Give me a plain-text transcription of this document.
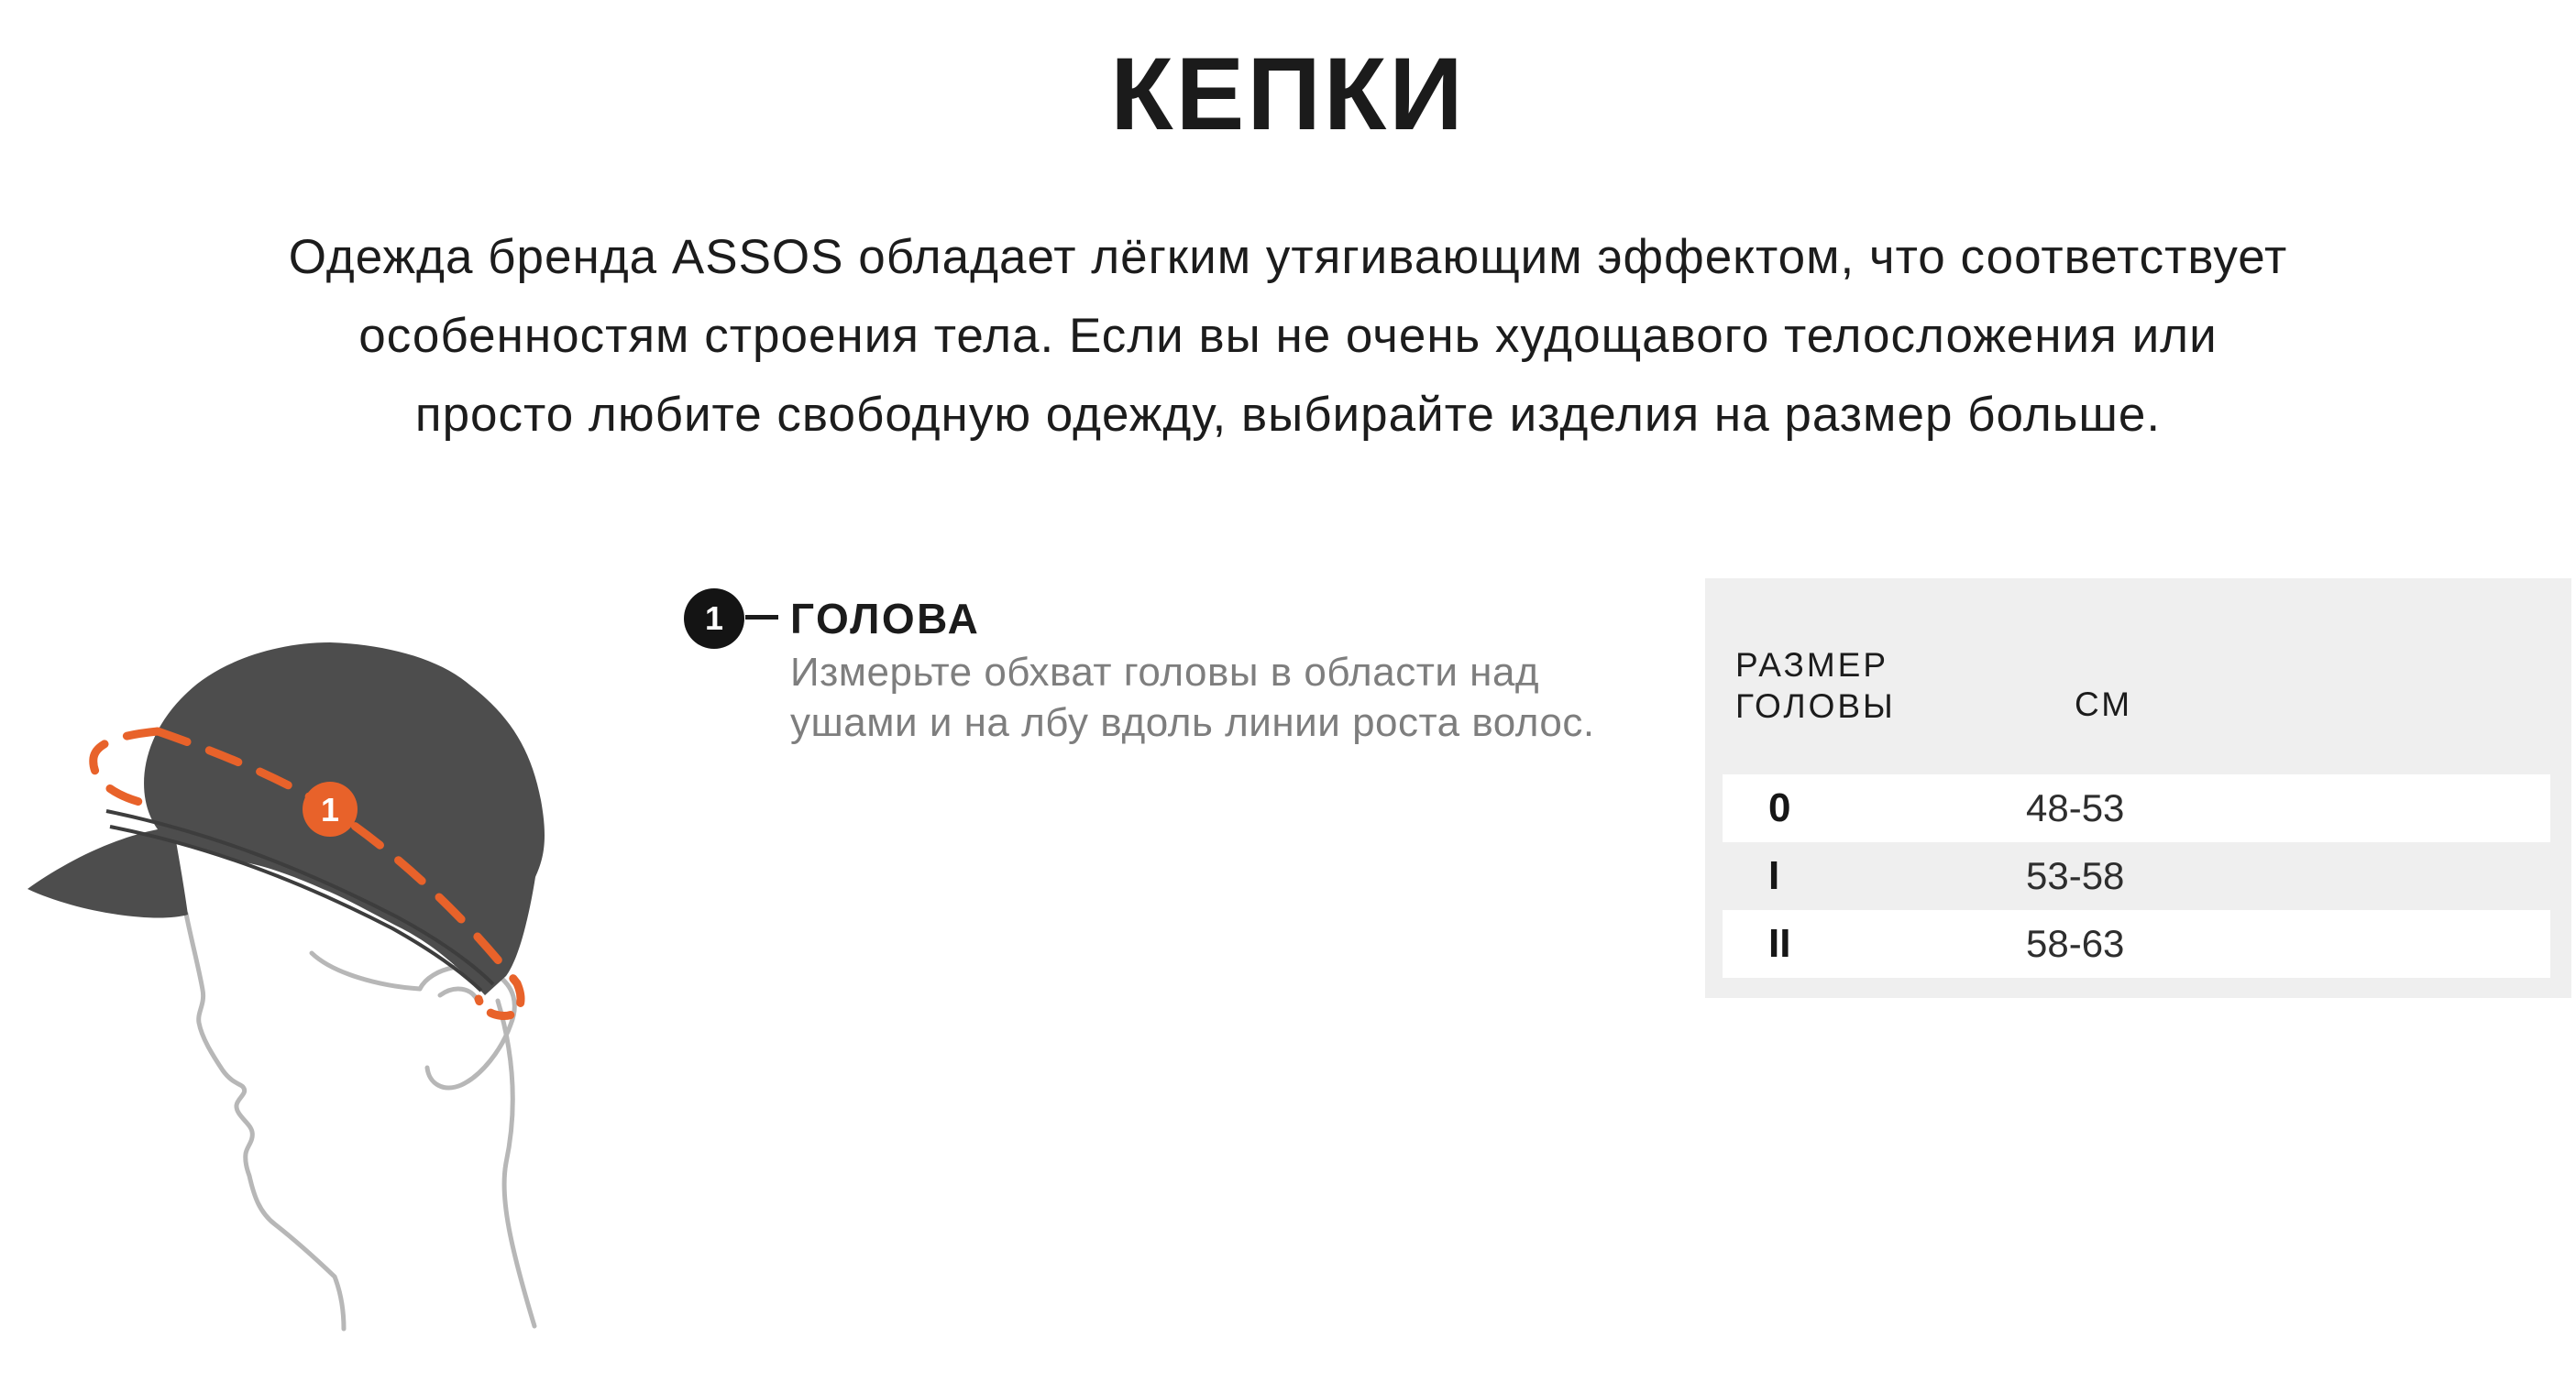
КЕПКИ
Одежда бренда ASSOS обладает лёгким утягивающим эффектом, что соответствует
особенностям строения тела. Если вы не очень худощавого телосложения или
просто любите свободную одежду, выбирайте изделия на размер больше.
1
1 ГОЛОВА
Измерьте обхват головы в области над ушами и на лбу вдоль линии роста волос.
РАЗМЕР ГОЛОВЫ	СМ
0	48-53
I	53-58
II	58-63
